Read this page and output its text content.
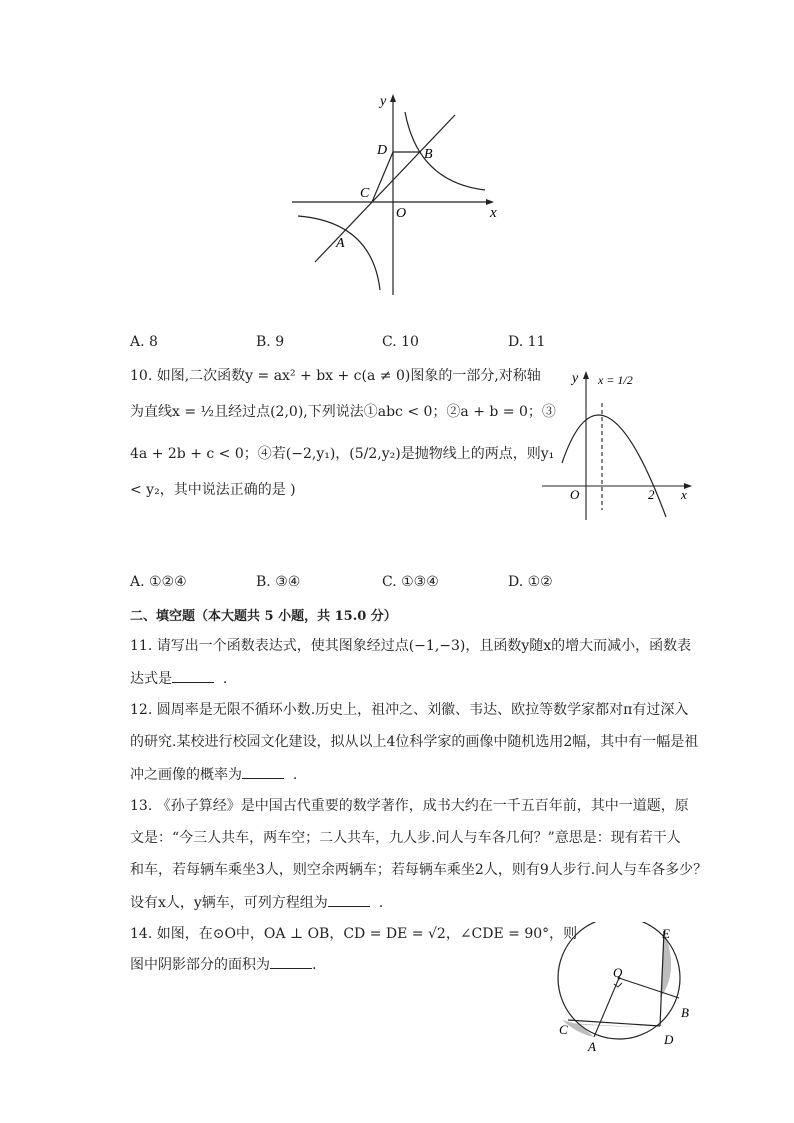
y
x
D	B
C
O
A
A. 8	B. 9	C. 10	D. 11
10. 如图,二次函数y = ax² + bx + c(a ≠ 0)图象的一部分,对称轴
为直线x = ½且经过点(2,0),下列说法①abc < 0；②a + b = 0；③
4a + 2b + c < 0；④若(−2,y₁)，(5/2,y₂)是抛物线上的两点，则y₁
< y₂，其中说法正确的是 )
y x = 1/2
O	2 x
A. ①②④	B. ③④	C. ①③④	D. ①②
二、填空题（本大题共 5 小题，共 15.0 分）
11. 请写出一个函数表达式，使其图象经过点(−1,−3)，且函数y随x的增大而减小，函数表
达式是	.
12. 圆周率是无限不循环小数.历史上，祖冲之、刘徽、韦达、欧拉等数学家都对π有过深入
的研究.某校进行校园文化建设，拟从以上4位科学家的画像中随机选用2幅，其中有一幅是祖
冲之画像的概率为	.
13. 《孙子算经》是中国古代重要的数学著作，成书大约在一千五百年前，其中一道题，原
文是：“今三人共车，两车空；二人共车，九人步.问人与车各几何？”意思是：现有若干人
和车，若每辆车乘坐3人，则空余两辆车；若每辆车乘坐2人，则有9人步行.问人与车各多少？
设有x人，y辆车，可列方程组为	.
14. 如图，在⊙O中，OA ⊥ OB，CD = DE = √2，∠CDE = 90°，则
图中阴影部分的面积为	.
E
O
B
C
D
A
